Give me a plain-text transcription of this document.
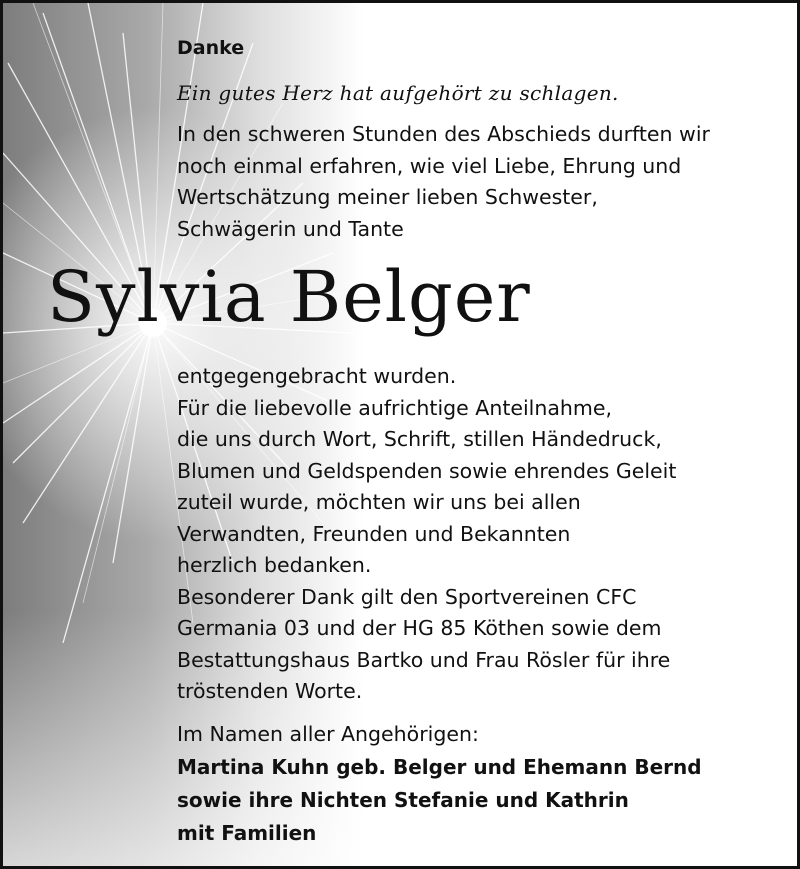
Danke

Ein gutes Herz hat aufgehört zu schlagen.

In den schweren Stunden des Abschieds durften wir
noch einmal erfahren, wie viel Liebe, Ehrung und
Wertschätzung meiner lieben Schwester,
Schwägerin und Tante
Sylvia Belger
entgegengebracht wurden.
Für die liebevolle aufrichtige Anteilnahme,
die uns durch Wort, Schrift, stillen Händedruck,
Blumen und Geldspenden sowie ehrendes Geleit
zuteil wurde, möchten wir uns bei allen
Verwandten, Freunden und Bekannten
herzlich bedanken.
Besonderer Dank gilt den Sportvereinen CFC
Germania 03 und der HG 85 Köthen sowie dem
Bestattungshaus Bartko und Frau Rösler für ihre
tröstenden Worte.
Im Namen aller Angehörigen:
Martina Kuhn geb. Belger und Ehemann Bernd
sowie ihre Nichten Stefanie und Kathrin
mit Familien
